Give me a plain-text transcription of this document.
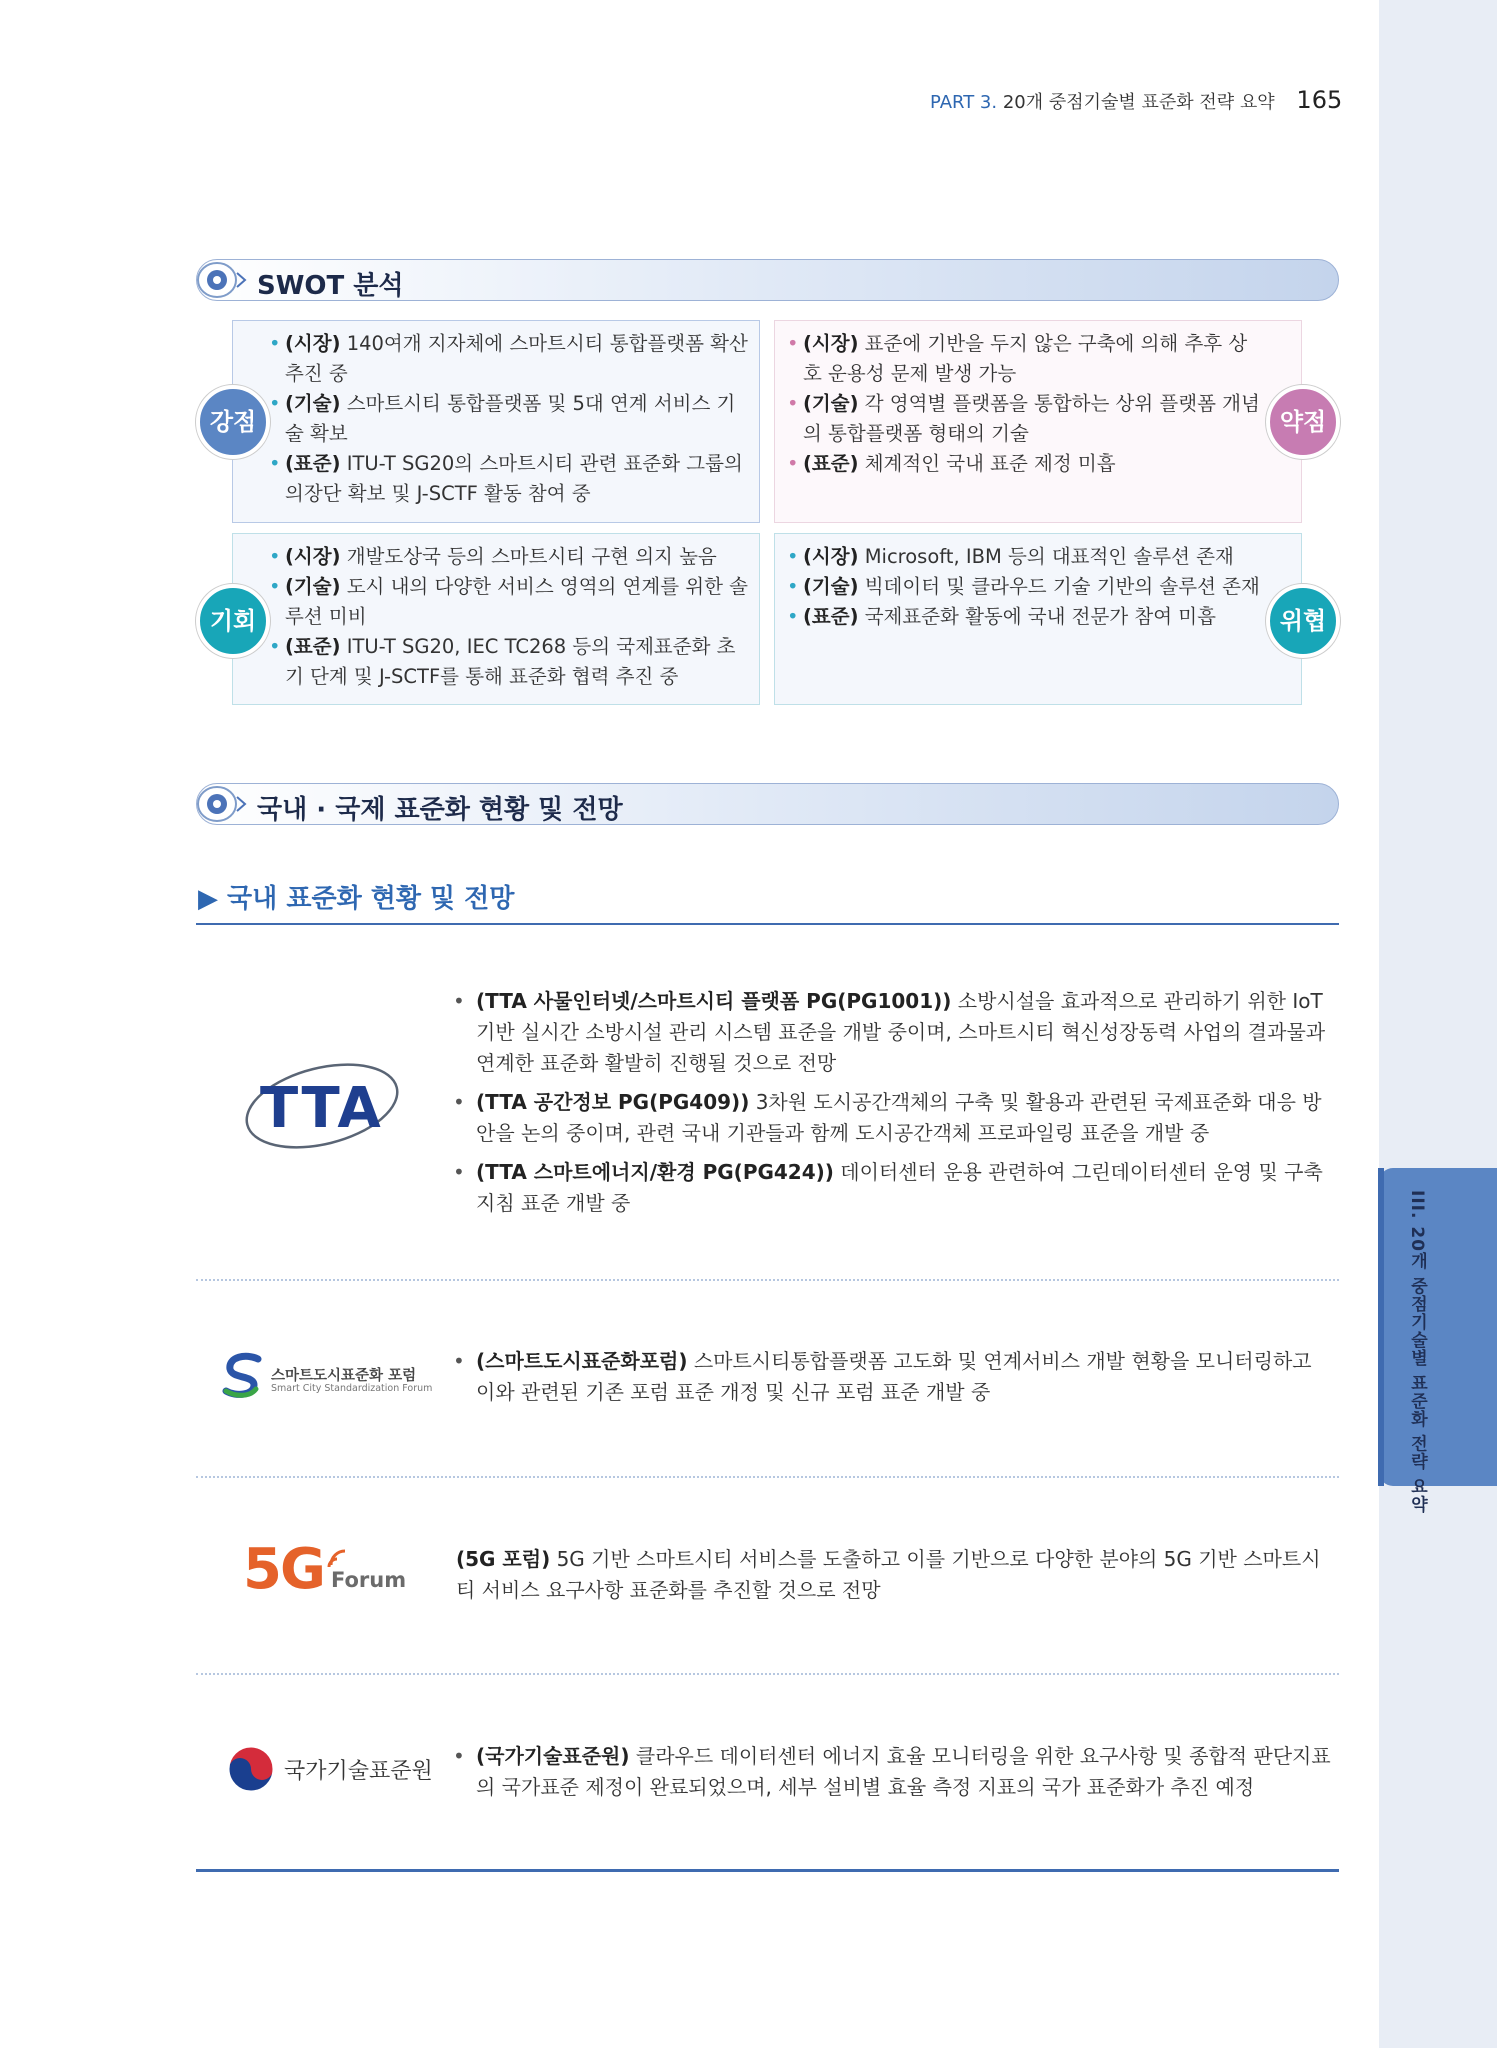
III. 20개 중점기술별 표준화 전략 요약
PART 3. 20개 중점기술별 표준화 전략 요약 165
SWOT 분석
• (시장) 140여개 지자체에 스마트시티 통합플랫폼 확산 추진 중
• (기술) 스마트시티 통합플랫폼 및 5대 연계 서비스 기술 확보
• (표준) ITU-T SG20의 스마트시티 관련 표준화 그룹의 의장단 확보 및 J-SCTF 활동 참여 중
• (시장) 표준에 기반을 두지 않은 구축에 의해 추후 상호 운용성 문제 발생 가능
• (기술) 각 영역별 플랫폼을 통합하는 상위 플랫폼 개념의 통합플랫폼 형태의 기술
• (표준) 체계적인 국내 표준 제정 미흡
• (시장) 개발도상국 등의 스마트시티 구현 의지 높음
• (기술) 도시 내의 다양한 서비스 영역의 연계를 위한 솔루션 미비
• (표준) ITU-T SG20, IEC TC268 등의 국제표준화 초기 단계 및 J-SCTF를 통해 표준화 협력 추진 중
• (시장) Microsoft, IBM 등의 대표적인 솔루션 존재
• (기술) 빅데이터 및 클라우드 기술 기반의 솔루션 존재
• (표준) 국제표준화 활동에 국내 전문가 참여 미흡
강점	약점
기회	위협
국내 · 국제 표준화 현황 및 전망
▶ 국내 표준화 현황 및 전망
TTA
• (TTA 사물인터넷/스마트시티 플랫폼 PG(PG1001)) 소방시설을 효과적으로 관리하기 위한 IoT 기반 실시간 소방시설 관리 시스템 표준을 개발 중이며, 스마트시티 혁신성장동력 사업의 결과물과 연계한 표준화 활발히 진행될 것으로 전망
• (TTA 공간정보 PG(PG409)) 3차원 도시공간객체의 구축 및 활용과 관련된 국제표준화 대응 방안을 논의 중이며, 관련 국내 기관들과 함께 도시공간객체 프로파일링 표준을 개발 중
• (TTA 스마트에너지/환경 PG(PG424)) 데이터센터 운용 관련하여 그린데이터센터 운영 및 구축지침 표준 개발 중
스마트도시표준화 포럼
Smart City Standardization Forum
• (스마트도시표준화포럼) 스마트시티통합플랫폼 고도화 및 연계서비스 개발 현황을 모니터링하고 이와 관련된 기존 포럼 표준 개정 및 신규 포럼 표준 개발 중
5G Forum
(5G 포럼) 5G 기반 스마트시티 서비스를 도출하고 이를 기반으로 다양한 분야의 5G 기반 스마트시티 서비스 요구사항 표준화를 추진할 것으로 전망
국가기술표준원
• (국가기술표준원) 클라우드 데이터센터 에너지 효율 모니터링을 위한 요구사항 및 종합적 판단지표의 국가표준 제정이 완료되었으며, 세부 설비별 효율 측정 지표의 국가 표준화가 추진 예정
